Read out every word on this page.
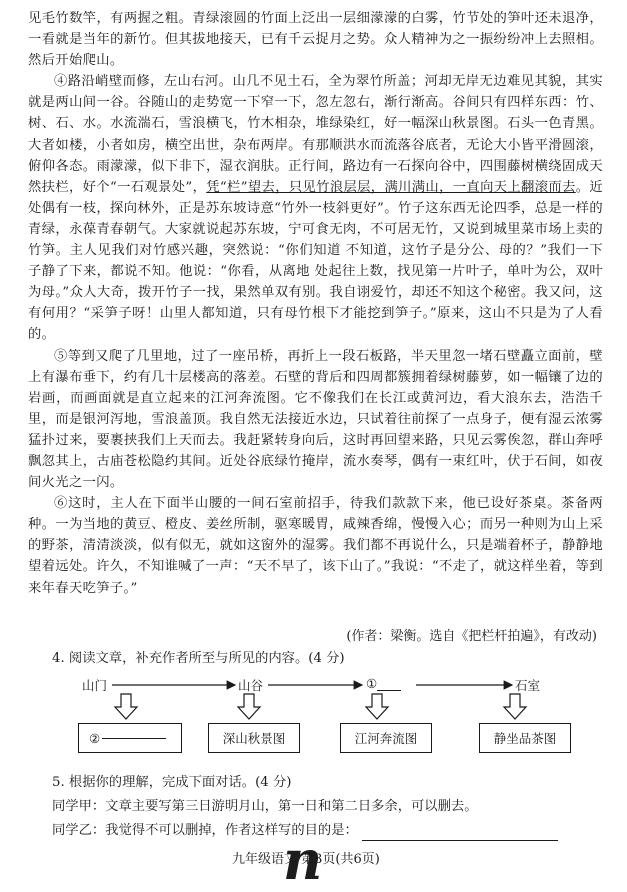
见毛竹数竿，有两握之粗。青绿滚圆的竹面上泛出一层细濛濛的白雾，竹节处的笋叶还未退净，一看就是当年的新竹。但其拔地接天，已有千云捉月之势。众人精神为之一振纷纷冲上去照相。然后开始爬山。

④路沿峭壁而修，左山右河。山几不见土石，全为翠竹所盖；河却无岸无边难见其貌，其实就是两山间一谷。谷随山的走势宽一下窄一下，忽左忽右，渐行渐高。谷间只有四样东西：竹、树、石、水。水流湍石，雪浪横飞，竹木相杂，堆绿染红，好一幅深山秋景图。石头一色青黑。大者如楼，小者如房，横空出世，杂布两岸。有那顺洪水而流落谷底者，无论大小皆平滑圆滚，俯仰各态。雨濛濛，似下非下，湿衣润肤。正行间，路边有一石探向谷中，四围藤树横绕固成天然扶栏，好个“一石观景处”，凭“栏”望去，只见竹浪层层，满川满山，一直向天上翻滚而去。近处偶有一枝，探向林外，正是苏东坡诗意“竹外一枝斜更好”。竹子这东西无论四季，总是一样的青绿，永葆青春朝气。大家就说起苏东坡，宁可食无肉，不可居无竹，又说到城里菜市场上卖的竹笋。主人见我们对竹感兴趣，突然说：“你们知道 不知道，这竹子是分公、母的？”我们一下子静了下来，都说不知。他说：“你看，从离地 处起往上数，找见第一片叶子，单叶为公，双叶为母。”众人大奇，拨开竹子一找，果然单双有别。我自诩爱竹，却还不知这个秘密。我又问，这有何用？“采笋子呀！山里人都知道，只有母竹根下才能挖到笋子。”原来，这山不只是为了人看的。

⑤等到又爬了几里地，过了一座吊桥，再折上一段石板路，半天里忽一堵石壁矗立面前，壁上有瀑布垂下，约有几十层楼高的落差。石壁的背后和四周都簇拥着绿树藤萝，如一幅镶了边的岩画，而画面就是直立起来的江河奔流图。它不像我们在长江或黄河边，看大浪东去，浩浩千里，而是银河泻地，雪浪盖顶。我自然无法接近水边，只试着往前探了一点身子，便有湿云浓雾猛扑过来，要裹挟我们上天而去。我赶紧转身向后，这时再回望来路，只见云雾俟忽，群山奔呼飘忽其上，古庙苍松隐约其间。近处谷底绿竹掩岸，流水奏琴，偶有一束红叶，伏于石间，如夜间火光之一闪。

⑥这时，主人在下面半山腰的一间石室前招手，待我们款款下来，他已设好茶桌。茶备两种。一为当地的黄豆、橙皮、姜丝所制，驱寒暖胃，咸辣香绵，慢慢入心；而另一种则为山上采的野茶，清清淡淡，似有似无，就如这窗外的湿雾。我们都不再说什么，只是端着杯子，静静地望着远处。许久，不知谁喊了一声：“天不早了，该下山了。”我说：“不走了，就这样坐着，等到来年春天吃笋子。”

(作者：梁衡。选自《把栏杆拍遍》，有改动)
4. 阅读文章，补充作者所至与所见的内容。(4 分)
山门	山谷	①	石室
②	深山秋景图	江河奔流图	静坐品茶图
5. 根据你的理解，完成下面对话。(4 分)
同学甲：文章主要写第三日游明月山，第一日和第二日多余，可以删去。
同学乙：我觉得不可以删掉，作者这样写的目的是：
n
九年级语文 第3页(共6页)
